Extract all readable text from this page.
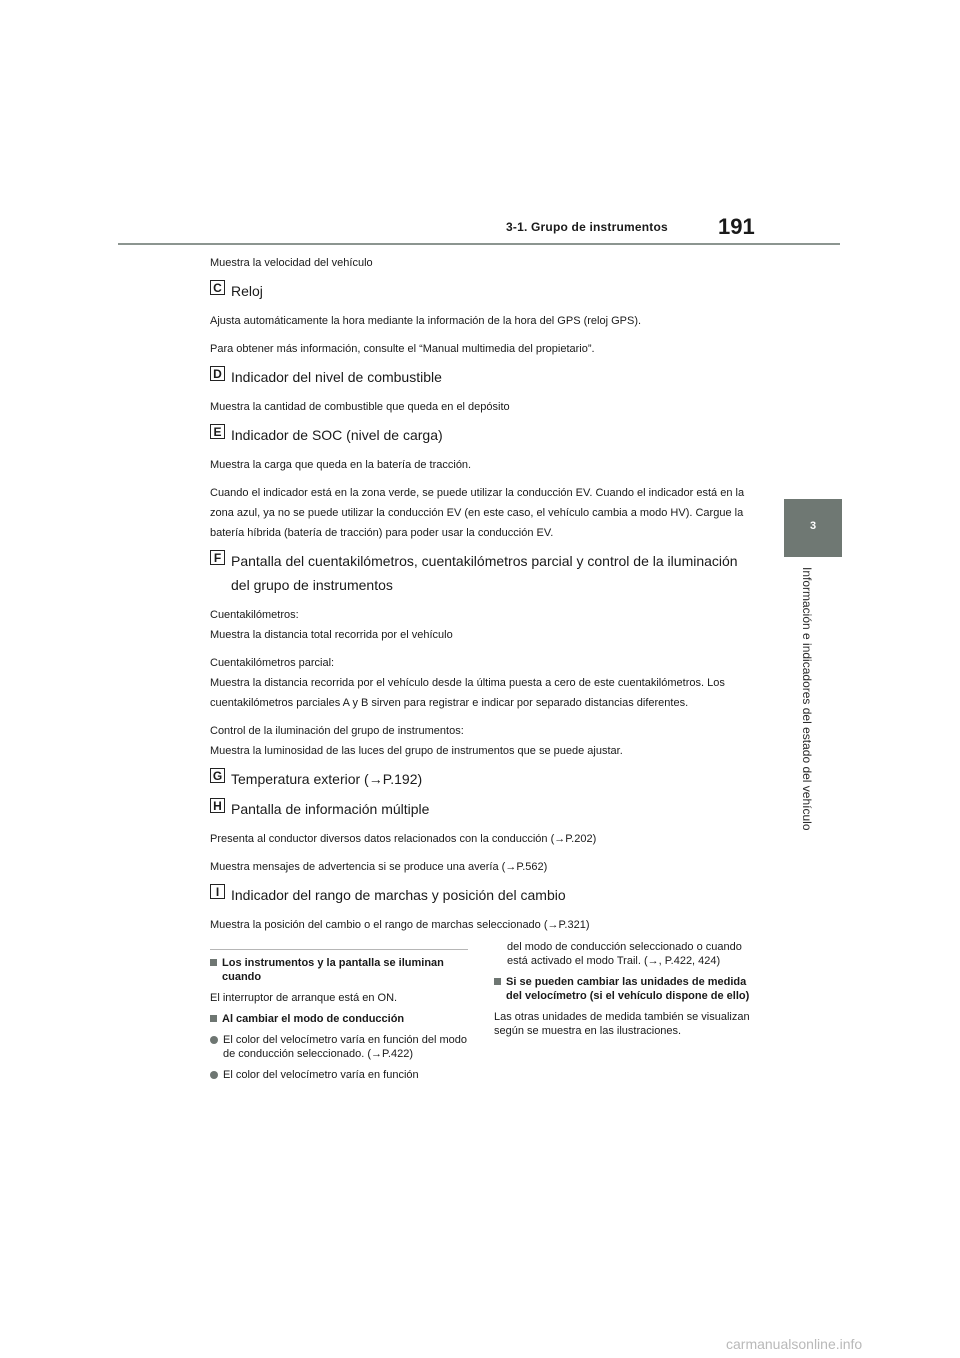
3-1. Grupo de instrumentos 191
3
Información e indicadores del estado del vehículo

Muestra la velocidad del vehículo

C Reloj

Ajusta automáticamente la hora mediante la información de la hora del GPS (reloj GPS).

Para obtener más información, consulte el “Manual multimedia del propietario”.

D Indicador del nivel de combustible

Muestra la cantidad de combustible que queda en el depósito

E Indicador de SOC (nivel de carga)

Muestra la carga que queda en la batería de tracción.

Cuando el indicador está en la zona verde, se puede utilizar la conducción EV. Cuando el indicador está en la zona azul, ya no se puede utilizar la conducción EV (en este caso, el vehículo cambia a modo HV). Cargue la batería híbrida (batería de tracción) para poder usar la conducción EV.

F Pantalla del cuentakilómetros, cuentakilómetros parcial y control de la iluminación del grupo de instrumentos

Cuentakilómetros:
Muestra la distancia total recorrida por el vehículo

Cuentakilómetros parcial:
Muestra la distancia recorrida por el vehículo desde la última puesta a cero de este cuentakilómetros. Los cuentakilómetros parciales A y B sirven para registrar e indicar por separado distancias diferentes.

Control de la iluminación del grupo de instrumentos:
Muestra la luminosidad de las luces del grupo de instrumentos que se puede ajustar.

G Temperatura exterior (→P.192)
H Pantalla de información múltiple

Presenta al conductor diversos datos relacionados con la conducción (→P.202)

Muestra mensajes de advertencia si se produce una avería (→P.562)

I Indicador del rango de marchas y posición del cambio

Muestra la posición del cambio o el rango de marchas seleccionado (→P.321)

Los instrumentos y la pantalla se iluminan cuando

El interruptor de arranque está en ON.

Al cambiar el modo de conducción
El color del velocímetro varía en función del modo de conducción seleccionado. (→P.422)
El color del velocímetro varía en función

del modo de conducción seleccionado o cuando está activado el modo Trail. (→, P.422, 424)

Si se pueden cambiar las unidades de medida del velocímetro (si el vehículo dispone de ello)

Las otras unidades de medida también se visualizan según se muestra en las ilustraciones.

carmanualsonline.info
